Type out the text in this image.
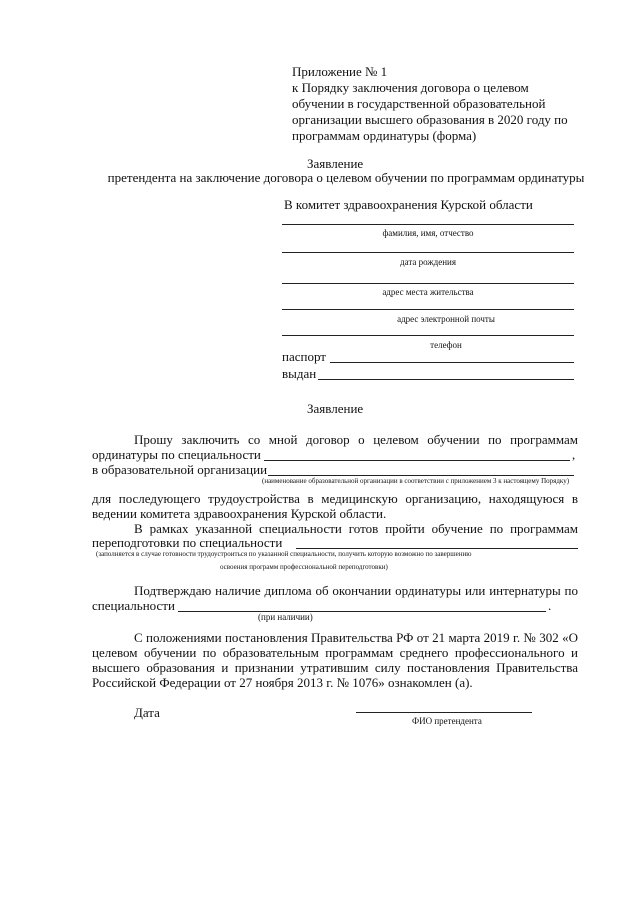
Приложение № 1
к Порядку заключения договора о целевом
обучении в государственной образовательной
организации высшего образования в 2020 году по
программам ординатуры (форма)
Заявление
претендента на заключение договора о целевом обучении по программам ординатуры
В комитет здравоохранения Курской области
фамилия, имя, отчество
дата рождения
адрес места жительства
адрес электронной почты
телефон
паспорт
выдан
Заявление
Прошу заключить со мной договор о целевом обучении по программам
ординатуры по специальности	,
в образовательной организации
(наименование образовательной организации в соответствии с приложением 3 к настоящему Порядку)
для последующего трудоустройства в медицинскую организацию, находящуюся в
ведении комитета здравоохранения Курской области.
В рамках указанной специальности готов пройти обучение по программам
переподготовки по специальности
(заполняется в случае готовности трудоустроиться по указанной специальности, получить которую возможно по завершению
освоения программ профессиональной переподготовки)
Подтверждаю наличие диплома об окончании ординатуры или интернатуры по
специальности	.
(при наличии)
С положениями постановления Правительства РФ от 21 марта 2019 г. № 302 «О
целевом обучении по образовательным программам среднего профессионального и
высшего образования и признании утратившим силу постановления Правительства
Российской Федерации от 27 ноября 2013 г. № 1076» ознакомлен (а).
Дата
ФИО претендента
